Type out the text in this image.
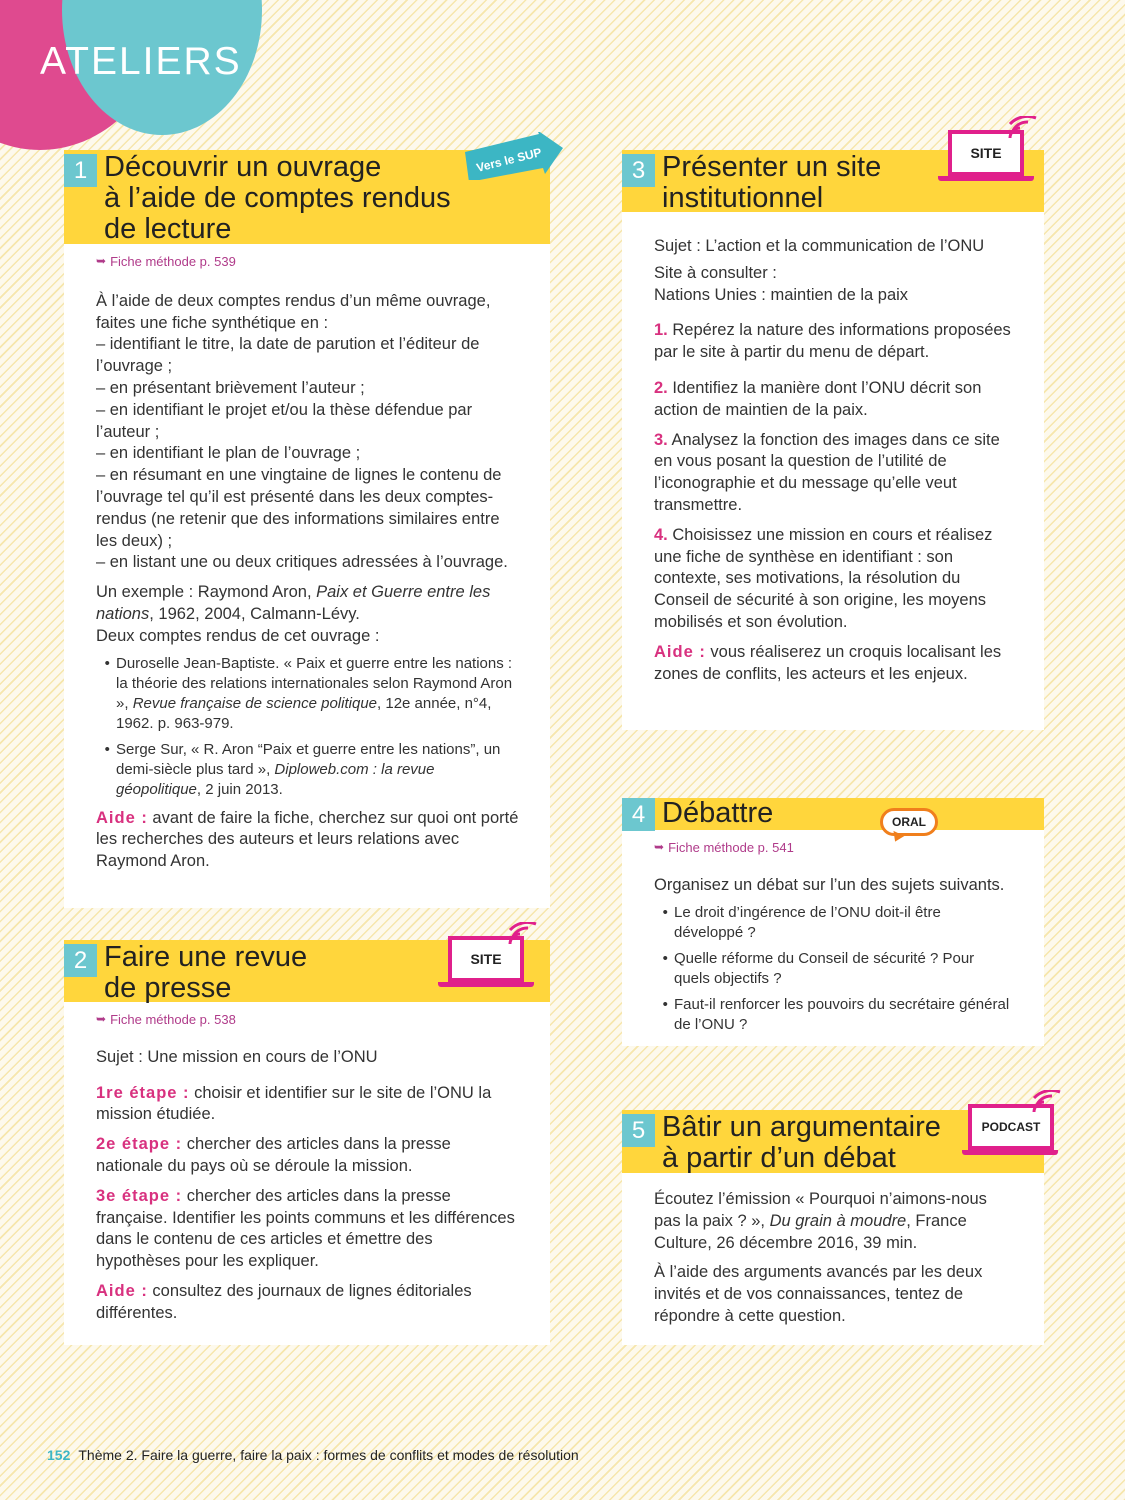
ATELIERS
1 Découvrir un ouvrage
à l’aide de comptes rendus
de lecture
➥ Fiche méthode p. 539
À l’aide de deux comptes rendus d’un même ouvrage, faites une fiche synthétique en :
– identifiant le titre, la date de parution et l’éditeur de l’ouvrage ;
– en présentant brièvement l’auteur ;
– en identifiant le projet et/ou la thèse défendue par l’auteur ;
– en identifiant le plan de l’ouvrage ;
– en résumant en une vingtaine de lignes le contenu de l’ouvrage tel qu’il est présenté dans les deux comptes-rendus (ne retenir que des informations similaires entre les deux) ;
– en listant une ou deux critiques adressées à l’ouvrage.
Un exemple : Raymond Aron, Paix et Guerre entre les nations, 1962, 2004, Calmann-Lévy.
Deux comptes rendus de cet ouvrage :
• Duroselle Jean-Baptiste. « Paix et guerre entre les nations : la théorie des relations internationales selon Raymond Aron », Revue française de science politique, 12e année, n°4, 1962. p. 963-979.
• Serge Sur, « R. Aron “Paix et guerre entre les nations”, un demi-siècle plus tard », Diploweb.com : la revue géopolitique, 2 juin 2013.
Aide : avant de faire la fiche, cherchez sur quoi ont porté les recherches des auteurs et leurs relations avec Raymond Aron.
Vers le SUP
2 Faire une revue
de presse
➥ Fiche méthode p. 538
Sujet : Une mission en cours de l’ONU
1re étape : choisir et identifier sur le site de l’ONU la mission étudiée.
2e étape : chercher des articles dans la presse nationale du pays où se déroule la mission.
3e étape : chercher des articles dans la presse française. Identifier les points communs et les différences dans le contenu de ces articles et émettre des hypothèses pour les expliquer.
Aide : consultez des journaux de lignes éditoriales différentes.
SITE
3 Présenter un site
institutionnel
Sujet : L’action et la communication de l’ONU
Site à consulter :
Nations Unies : maintien de la paix
1. Repérez la nature des informations proposées par le site à partir du menu de départ.
2. Identifiez la manière dont l’ONU décrit son action de maintien de la paix.
3. Analysez la fonction des images dans ce site en vous posant la question de l’utilité de l’iconographie et du message qu’elle veut transmettre.
4. Choisissez une mission en cours et réalisez une fiche de synthèse en identifiant : son contexte, ses motivations, la résolution du Conseil de sécurité à son origine, les moyens mobilisés et son évolution.
Aide : vous réaliserez un croquis localisant les zones de conflits, les acteurs et les enjeux.
SITE
4 Débattre
➥ Fiche méthode p. 541
Organisez un débat sur l’un des sujets suivants.
• Le droit d’ingérence de l’ONU doit-il être développé ?
• Quelle réforme du Conseil de sécurité ? Pour quels objectifs ?
• Faut-il renforcer les pouvoirs du secrétaire général de l’ONU ?
ORAL
5 Bâtir un argumentaire
à partir d’un débat
Écoutez l’émission « Pourquoi n’aimons-nous pas la paix ? », Du grain à moudre, France Culture, 26 décembre 2016, 39 min.
À l’aide des arguments avancés par les deux invités et de vos connaissances, tentez de répondre à cette question.
PODCAST
152 Thème 2. Faire la guerre, faire la paix : formes de conflits et modes de résolution
